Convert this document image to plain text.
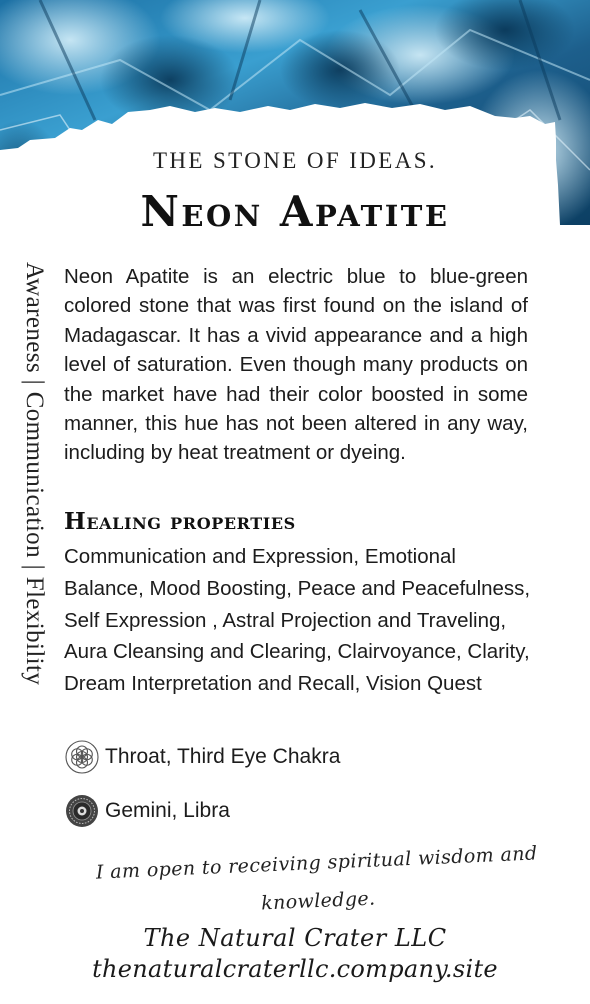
THE STONE OF IDEAS.
Neon Apatite
Awareness | Communication | Flexibility Neon Apatite is an electric blue to blue-green colored stone that was first found on the island of Madagascar. It has a vivid appearance and a high level of saturation. Even though many products on the market have had their color boosted in some manner, this hue has not been altered in any way, including by heat treatment or dyeing.

Healing properties

Communication and Expression, Emotional Balance, Mood Boosting, Peace and Peacefulness, Self Expression , Astral Projection and Traveling, Aura Cleansing and Clearing, Clairvoyance, Clarity, Dream Interpretation and Recall, Vision Quest

Throat, Third Eye Chakra
Gemini, Libra
I am open to receiving spiritual wisdom and knowledge.
The Natural Crater LLC
thenaturalcraterllc.company.site
